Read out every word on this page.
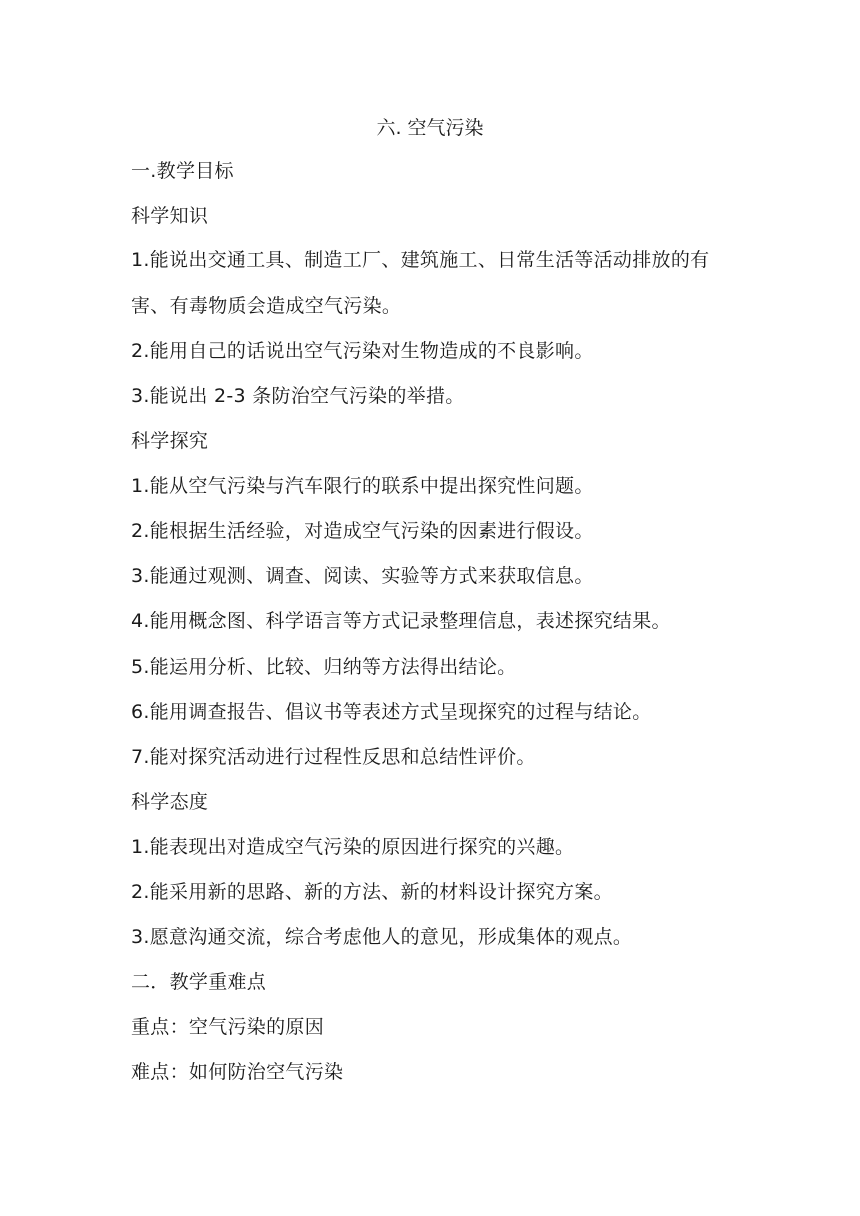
六. 空气污染
一.教学目标
科学知识
1.能说出交通工具、制造工厂、建筑施工、日常生活等活动排放的有
害、有毒物质会造成空气污染。
2.能用自己的话说出空气污染对生物造成的不良影响。
3.能说出 2-3 条防治空气污染的举措。
科学探究
1.能从空气污染与汽车限行的联系中提出探究性问题。
2.能根据生活经验，对造成空气污染的因素进行假设。
3.能通过观测、调查、阅读、实验等方式来获取信息。
4.能用概念图、科学语言等方式记录整理信息，表述探究结果。
5.能运用分析、比较、归纳等方法得出结论。
6.能用调查报告、倡议书等表述方式呈现探究的过程与结论。
7.能对探究活动进行过程性反思和总结性评价。
科学态度
1.能表现出对造成空气污染的原因进行探究的兴趣。
2.能采用新的思路、新的方法、新的材料设计探究方案。
3.愿意沟通交流，综合考虑他人的意见，形成集体的观点。
二．教学重难点
重点：空气污染的原因
难点：如何防治空气污染
